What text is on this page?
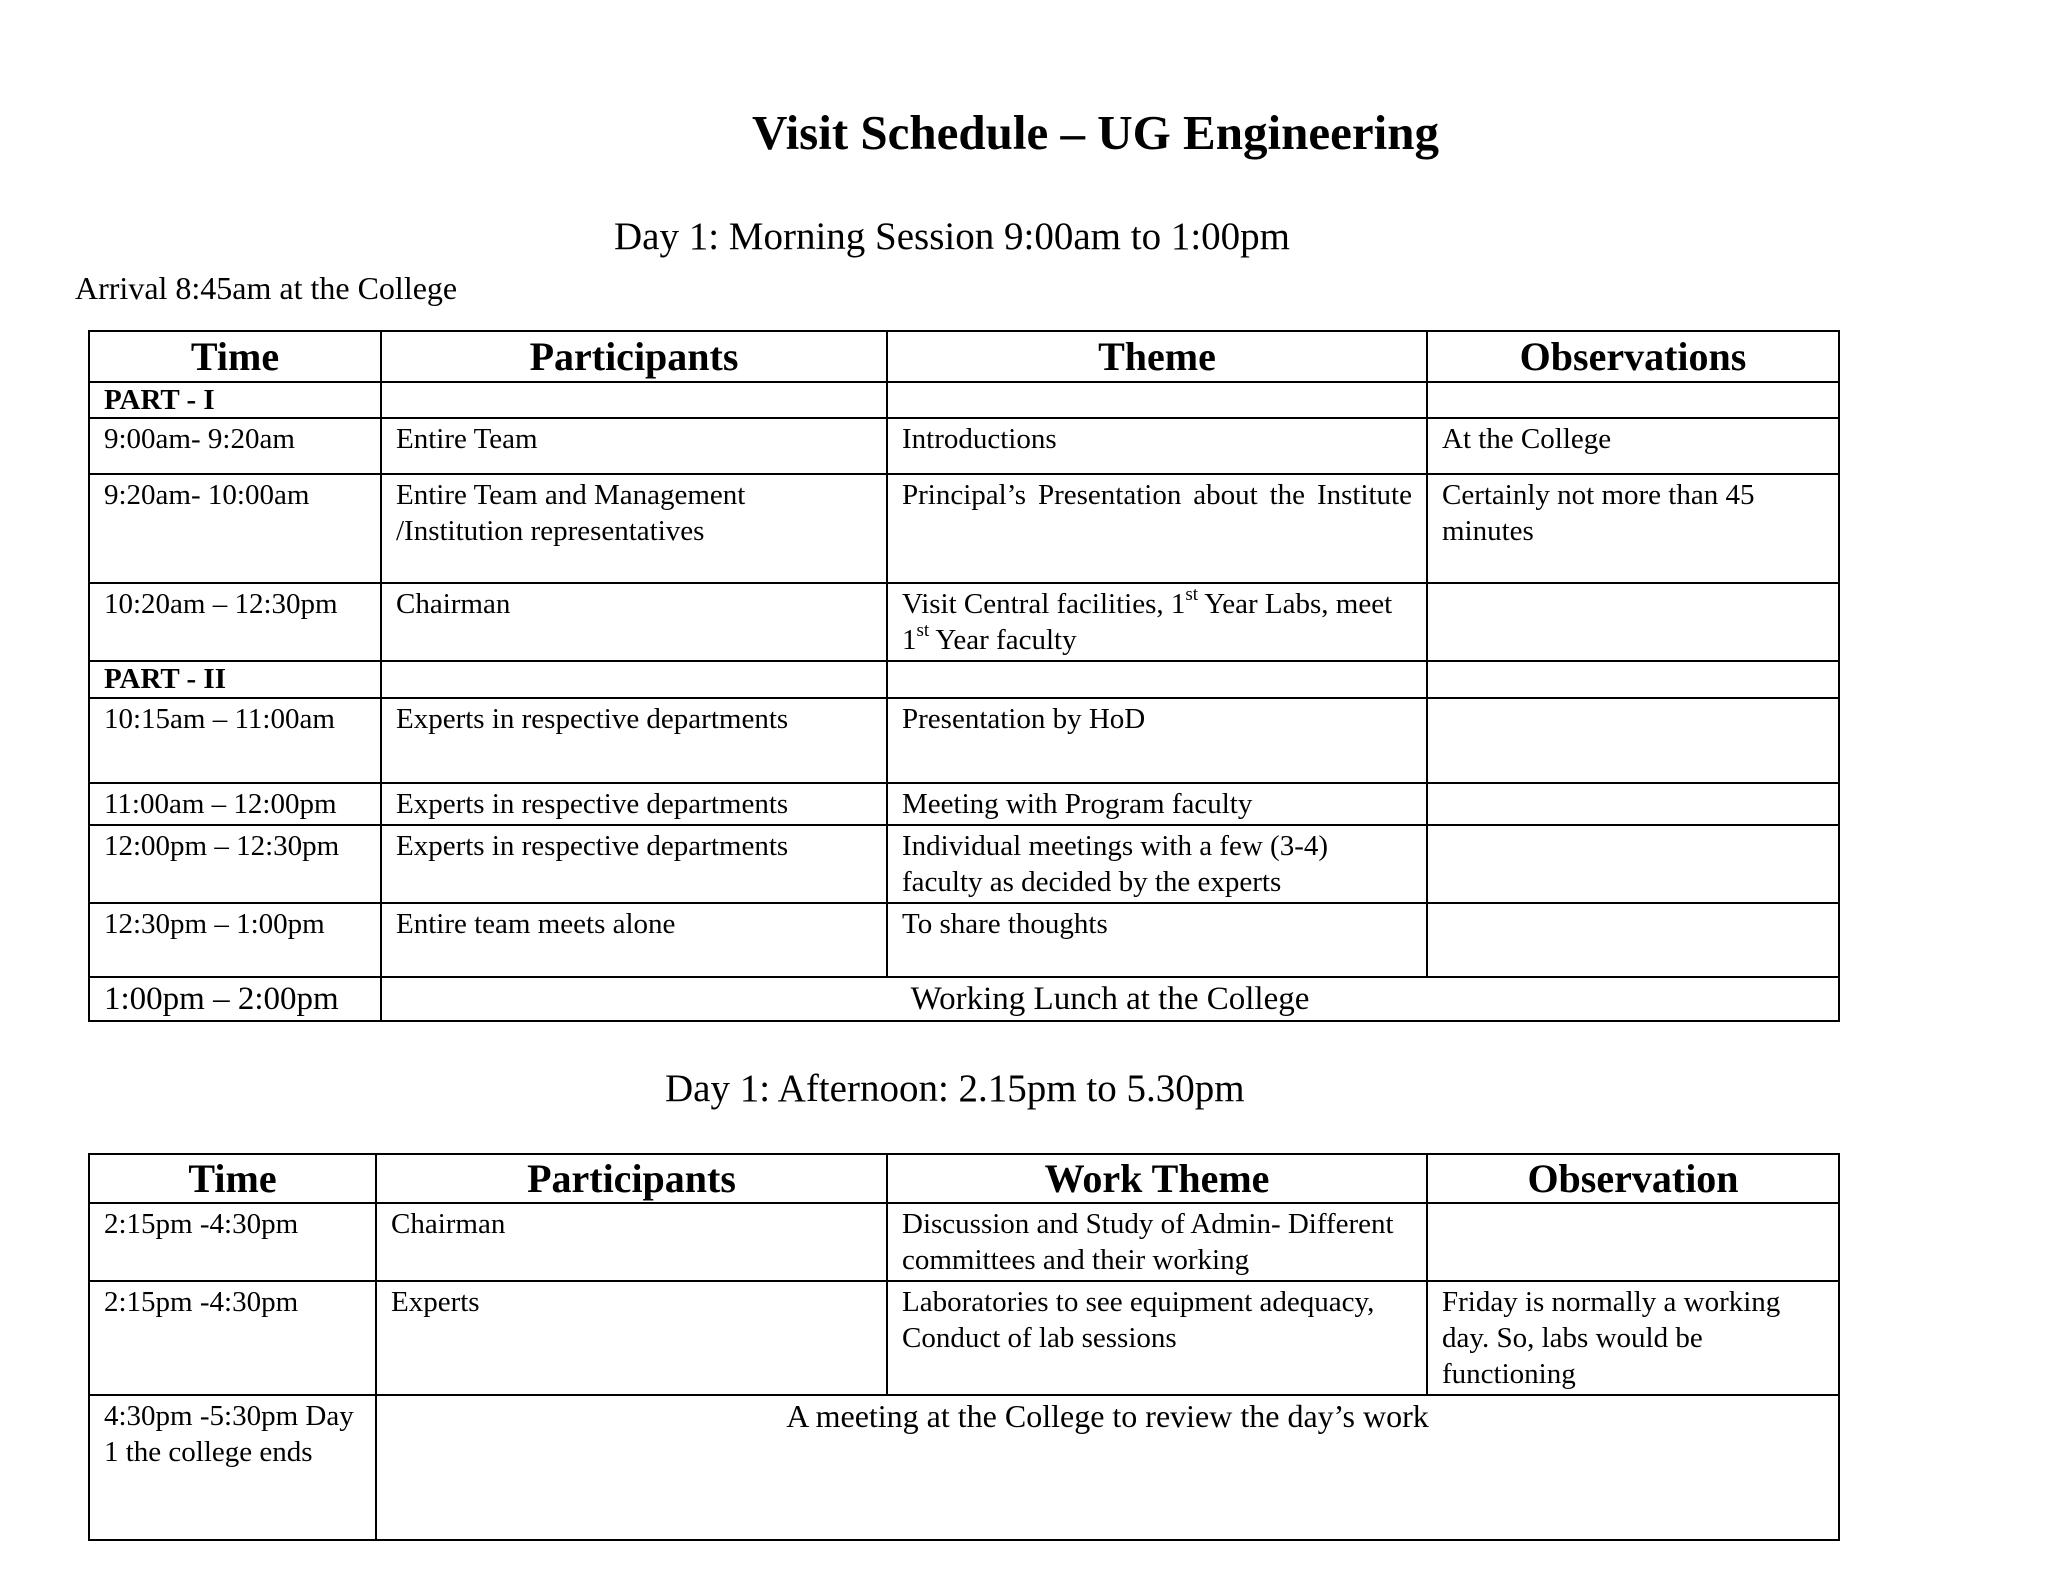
Visit Schedule – UG Engineering
Day 1: Morning Session 9:00am to 1:00pm
Arrival 8:45am at the College
Time	Participants	Theme	Observations
PART - I			
9:00am- 9:20am	Entire Team	Introductions	At the College
9:20am- 10:00am	Entire Team and Management /Institution representatives	Principal’s Presentation about the Institute	Certainly not more than 45 minutes
10:20am – 12:30pm	Chairman	Visit Central facilities, 1st Year Labs, meet 1st Year faculty	
PART - II			
10:15am – 11:00am	Experts in respective departments	Presentation by HoD	
11:00am – 12:00pm	Experts in respective departments	Meeting with Program faculty	
12:00pm – 12:30pm	Experts in respective departments	Individual meetings with a few (3-4) faculty as decided by the experts	
12:30pm – 1:00pm	Entire team meets alone	To share thoughts	
1:00pm – 2:00pm	Working Lunch at the College		
Day 1: Afternoon: 2.15pm to 5.30pm
Time	Participants	Work Theme	Observation
2:15pm -4:30pm	Chairman	Discussion and Study of Admin- Different committees and their working	
2:15pm -4:30pm	Experts	Laboratories to see equipment adequacy, Conduct of lab sessions	Friday is normally a working day. So, labs would be functioning
4:30pm -5:30pm Day 1 the college ends	A meeting at the College to review the day’s work		
